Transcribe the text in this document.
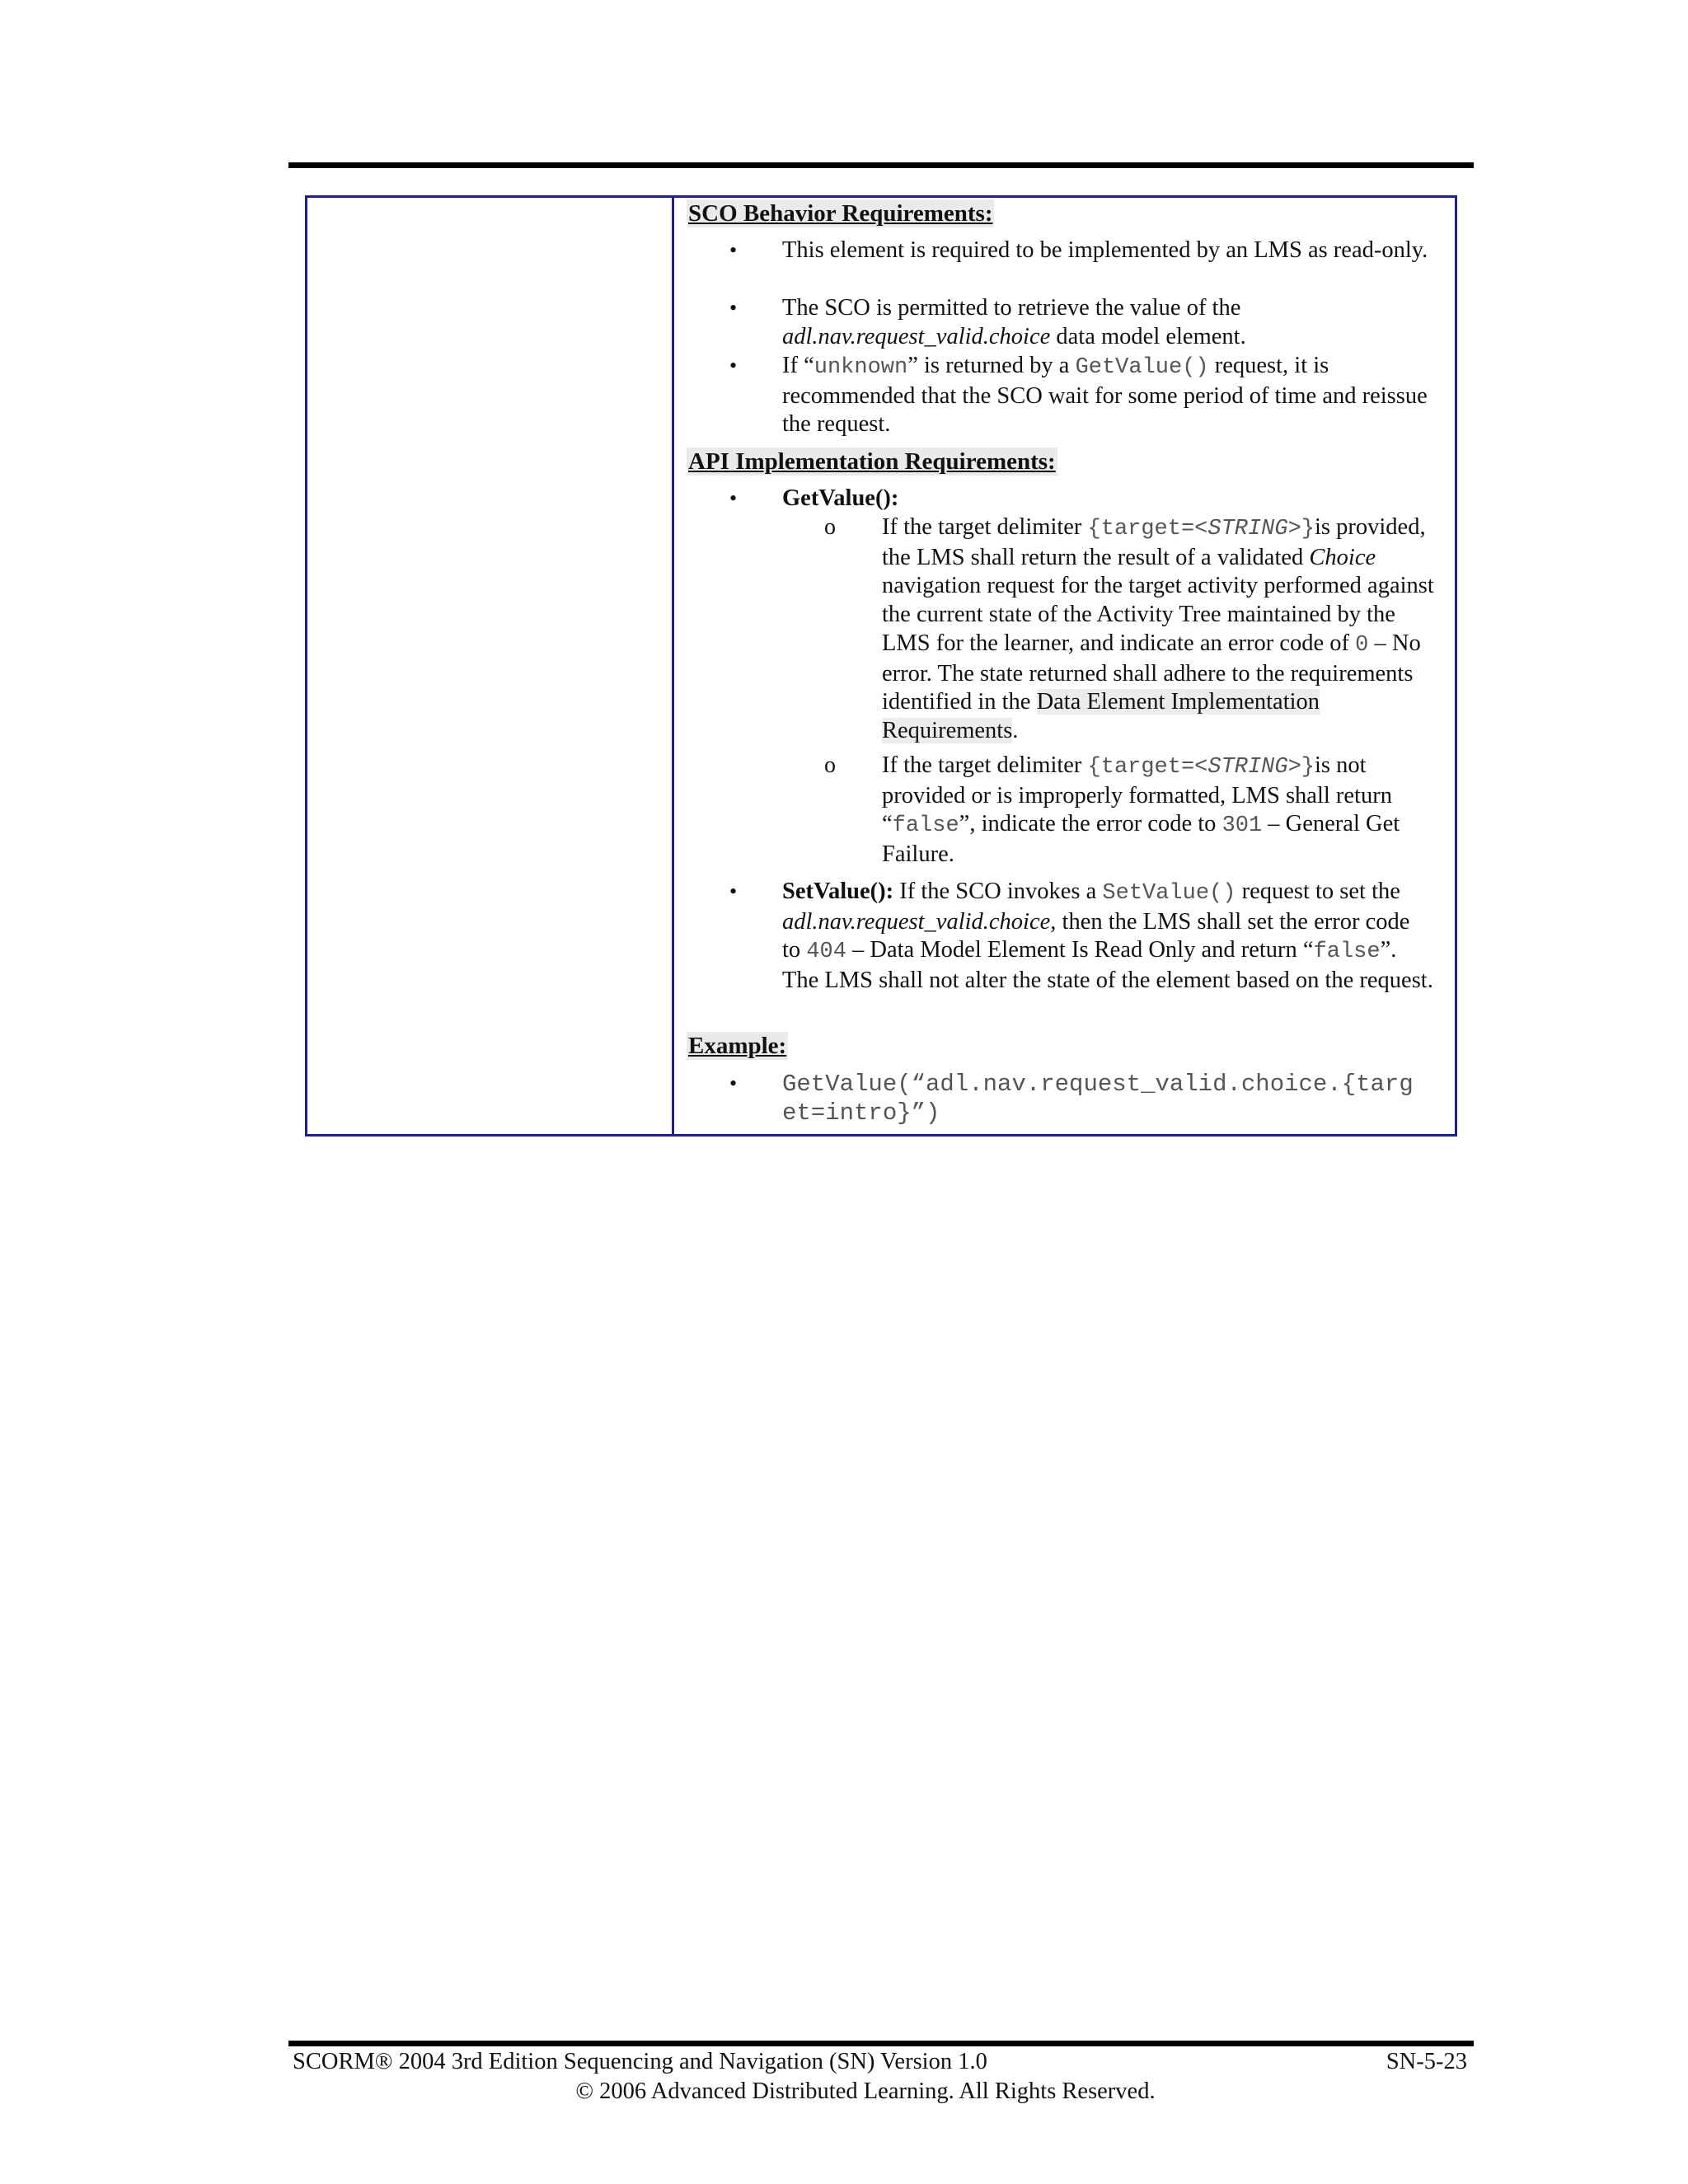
SCO Behavior Requirements:
• This element is required to be implemented by an LMS as read-only.
• The SCO is permitted to retrieve the value of the adl.nav.request_valid.choice data model element.
• If “unknown” is returned by a GetValue() request, it is recommended that the SCO wait for some period of time and reissue the request.
API Implementation Requirements:
• GetValue():
o If the target delimiter {target=<STRING>}is provided, the LMS shall return the result of a validated Choice navigation request for the target activity performed against the current state of the Activity Tree maintained by the LMS for the learner, and indicate an error code of 0 – No error. The state returned shall adhere to the requirements identified in the Data Element Implementation Requirements.
o If the target delimiter {target=<STRING>}is not provided or is improperly formatted, LMS shall return “false”, indicate the error code to 301 – General Get Failure.
• SetValue(): If the SCO invokes a SetValue() request to set the adl.nav.request_valid.choice, then the LMS shall set the error code to 404 – Data Model Element Is Read Only and return “false”. The LMS shall not alter the state of the element based on the request.
Example:
• GetValue(“adl.nav.request_valid.choice.{targ
et=intro}”)
SCORM® 2004 3rd Edition Sequencing and Navigation (SN) Version 1.0	SN-5-23
© 2006 Advanced Distributed Learning. All Rights Reserved.
